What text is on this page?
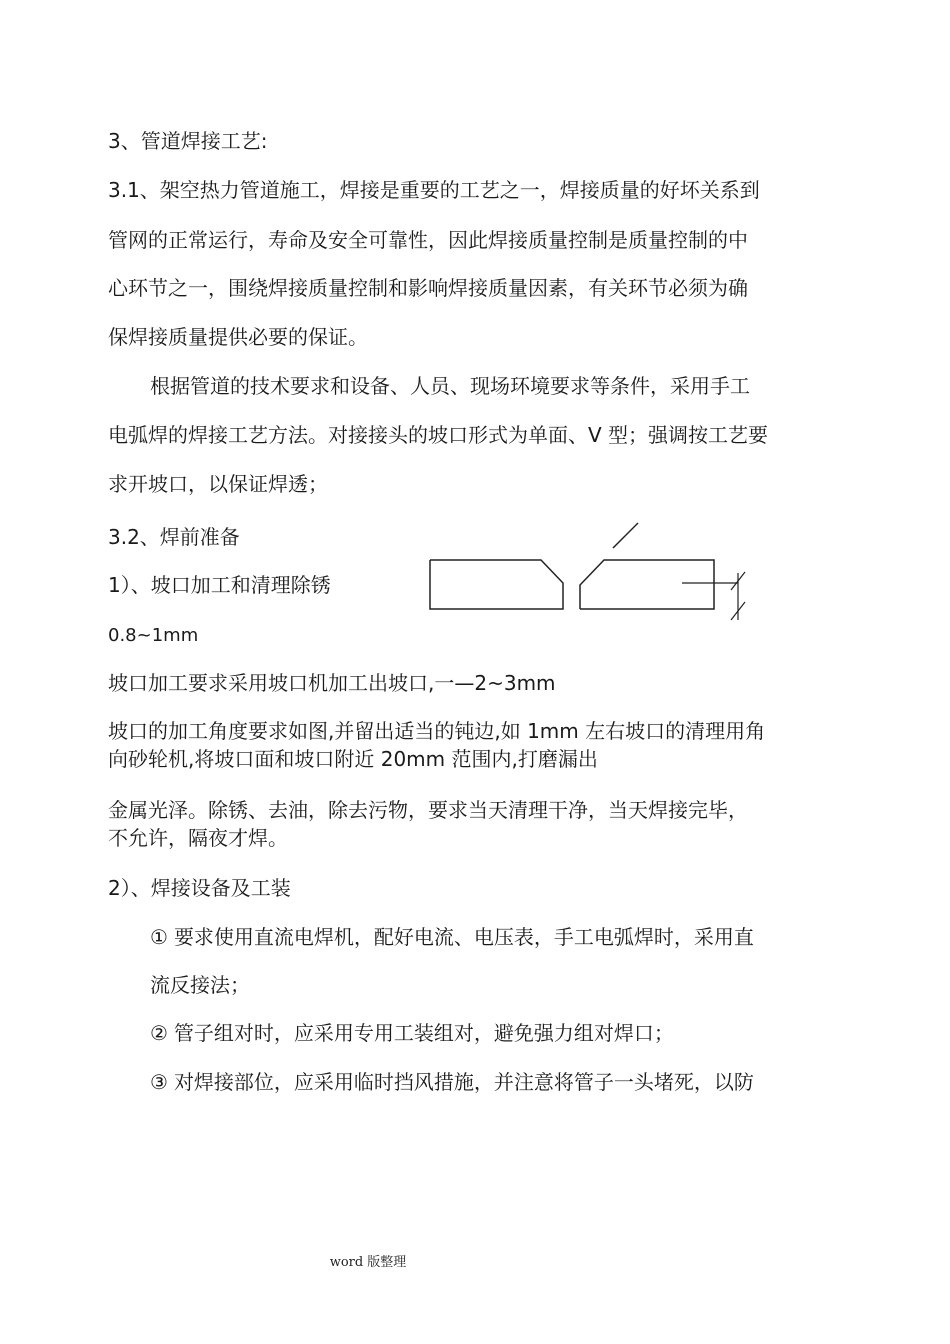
3、管道焊接工艺:
3.1、架空热力管道施工，焊接是重要的工艺之一，焊接质量的好坏关系到
管网的正常运行，寿命及安全可靠性，因此焊接质量控制是质量控制的中
心环节之一，围绕焊接质量控制和影响焊接质量因素，有关环节必须为确
保焊接质量提供必要的保证。
根据管道的技术要求和设备、人员、现场环境要求等条件，采用手工
电弧焊的焊接工艺方法。对接接头的坡口形式为单面、V 型；强调按工艺要
求开坡口，以保证焊透；
3.2、焊前准备
1）、坡口加工和清理除锈
0.8~1mm
坡口加工要求采用坡口机加工出坡口,一—2~3mm
坡口的加工角度要求如图,并留出适当的钝边,如 1mm 左右坡口的清理用角
向砂轮机,将坡口面和坡口附近 20mm 范围内,打磨漏出
金属光泽。除锈、去油，除去污物，要求当天清理干净，当天焊接完毕，
不允许，隔夜才焊。
2）、焊接设备及工装
① 要求使用直流电焊机，配好电流、电压表，手工电弧焊时，采用直
流反接法；
② 管子组对时，应采用专用工装组对，避免强力组对焊口；
③ 对焊接部位，应采用临时挡风措施，并注意将管子一头堵死，以防
word 版整理
